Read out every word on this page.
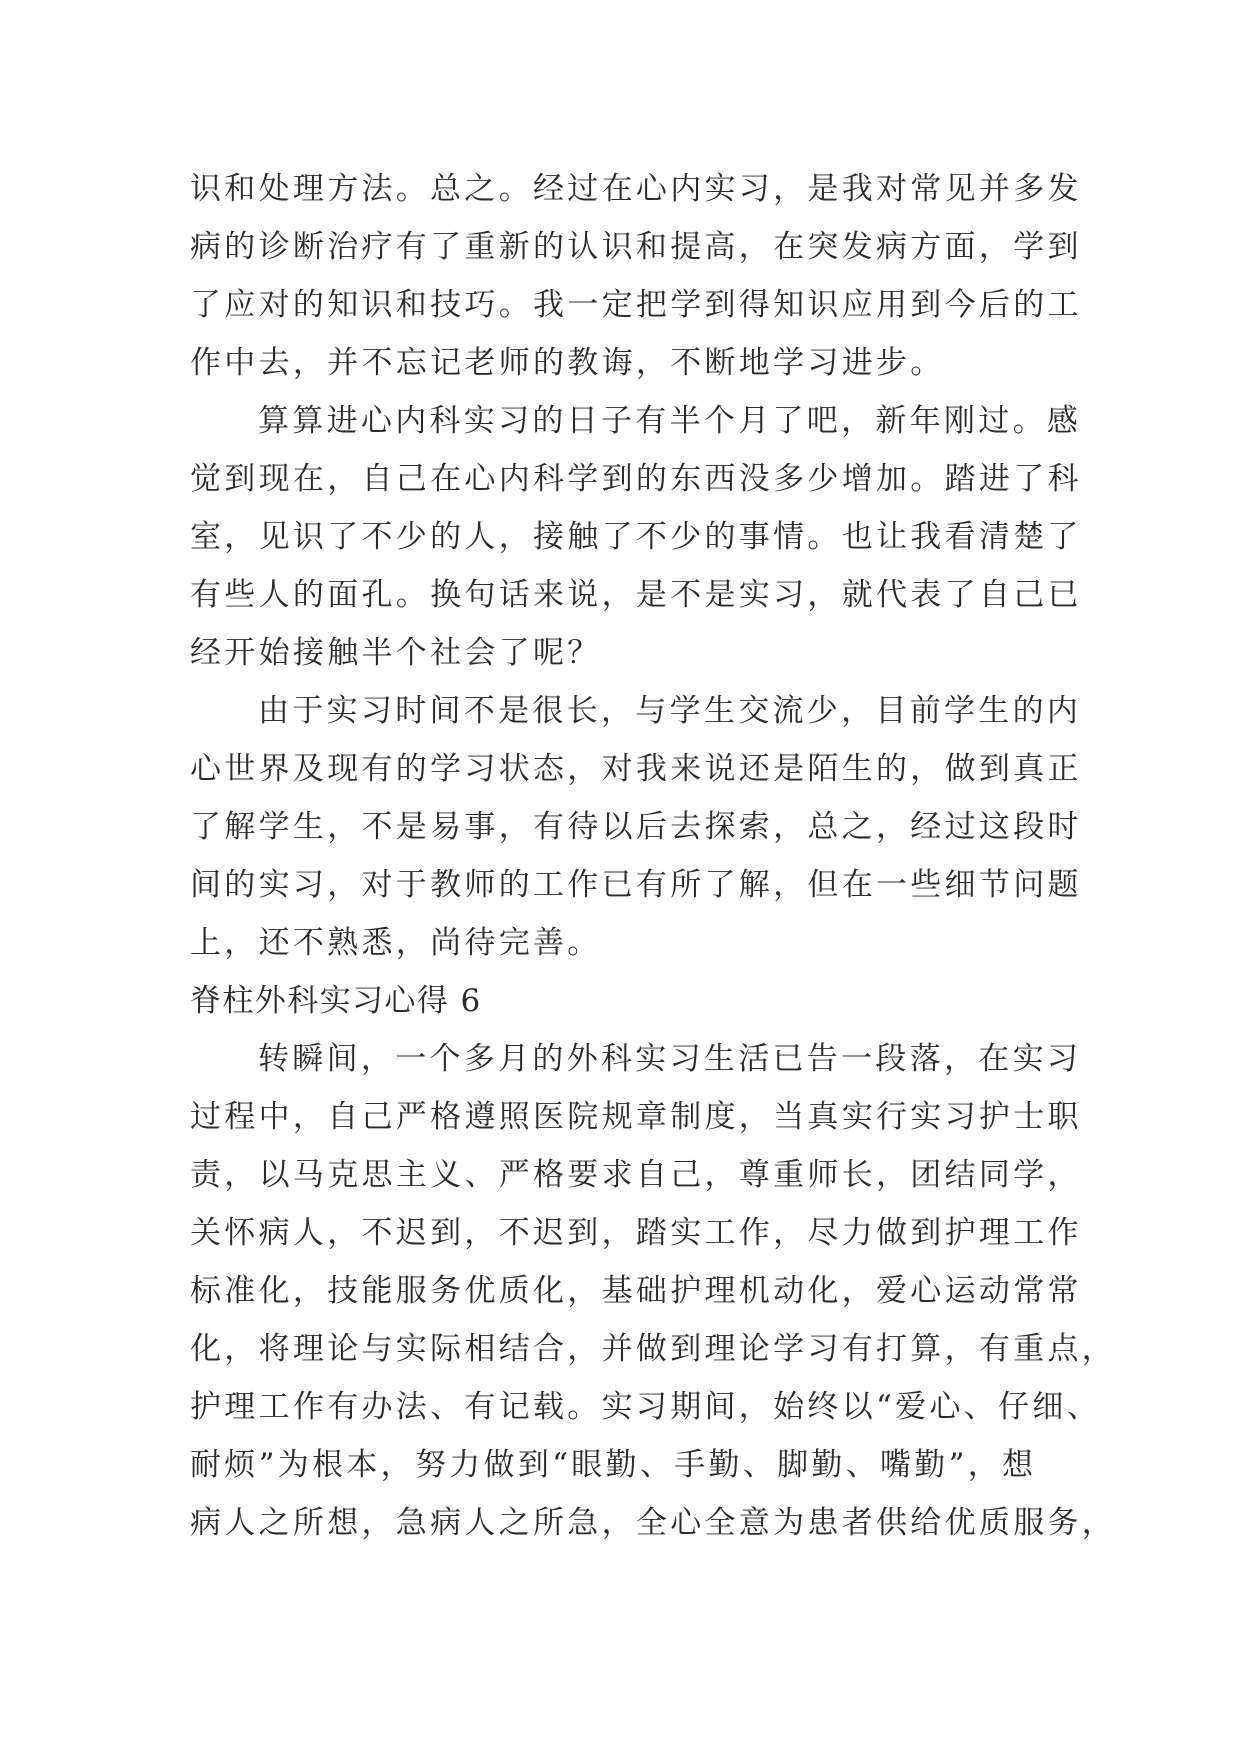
识和处理方法。总之。经过在心内实习，是我对常见并多发
病的诊断治疗有了重新的认识和提高，在突发病方面，学到
了应对的知识和技巧。我一定把学到得知识应用到今后的工
作中去，并不忘记老师的教诲，不断地学习进步。
算算进心内科实习的日子有半个月了吧，新年刚过。感
觉到现在，自己在心内科学到的东西没多少增加。踏进了科
室，见识了不少的人，接触了不少的事情。也让我看清楚了
有些人的面孔。换句话来说，是不是实习，就代表了自己已
经开始接触半个社会了呢？
由于实习时间不是很长，与学生交流少，目前学生的内
心世界及现有的学习状态，对我来说还是陌生的，做到真正
了解学生，不是易事，有待以后去探索，总之，经过这段时
间的实习，对于教师的工作已有所了解，但在一些细节问题
上，还不熟悉，尚待完善。
脊柱外科实习心得 6
转瞬间，一个多月的外科实习生活已告一段落，在实习
过程中，自己严格遵照医院规章制度，当真实行实习护士职
责，以马克思主义、严格要求自己，尊重师长，团结同学，
关怀病人，不迟到，不迟到，踏实工作，尽力做到护理工作
标准化，技能服务优质化，基础护理机动化，爱心运动常常
化，将理论与实际相结合，并做到理论学习有打算，有重点，
护理工作有办法、有记载。实习期间，始终以“爱心、仔细、
耐烦”为根本，努力做到“眼勤、手勤、脚勤、嘴勤”，想
病人之所想，急病人之所急，全心全意为患者供给优质服务，
